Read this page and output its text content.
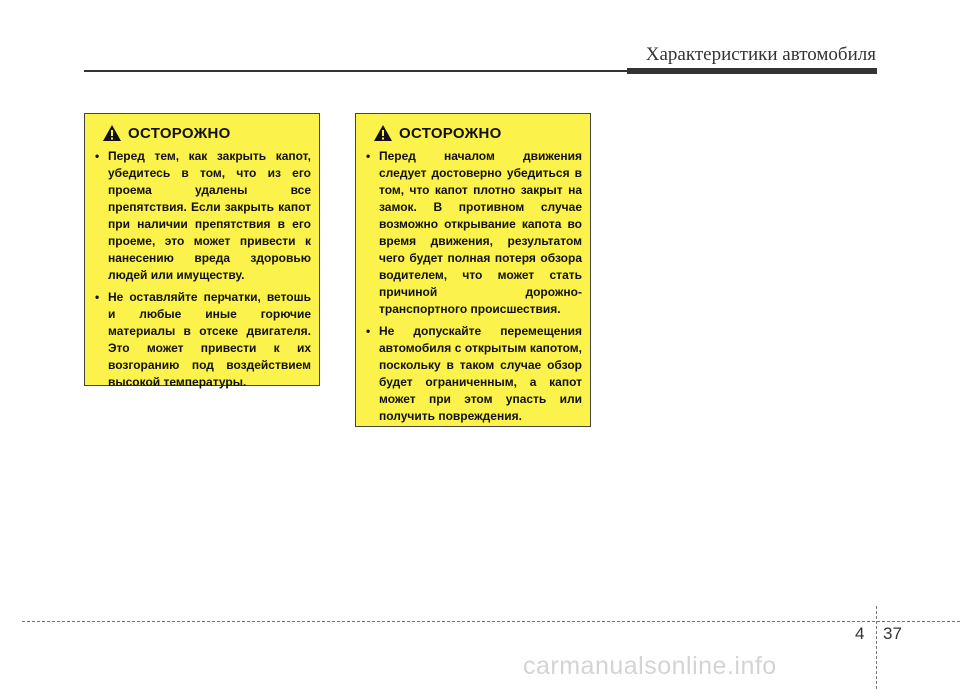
Характеристики автомобиля
ОСТОРОЖНО
• Перед тем, как закрыть капот, убедитесь в том, что из его проема удалены все препятствия. Если закрыть капот при наличии препятствия в его проеме, это может привести к нанесению вреда здоровью людей или имуществу.
• Не оставляйте перчатки, ветошь и любые иные горючие материалы в отсеке двигателя. Это может привести к их возгоранию под воздействием высокой температуры.
ОСТОРОЖНО
• Перед началом движения следует достоверно убедиться в том, что капот плотно закрыт на замок. В противном случае возможно открывание капота во время движения, результатом чего будет полная потеря обзора водителем, что может стать причиной дорожно-транспортного происшествия.
• Не допускайте перемещения автомобиля с открытым капотом, поскольку в таком случае обзор будет ограниченным, а капот может при этом упасть или получить повреждения.
4 37
carmanualsonline.info
